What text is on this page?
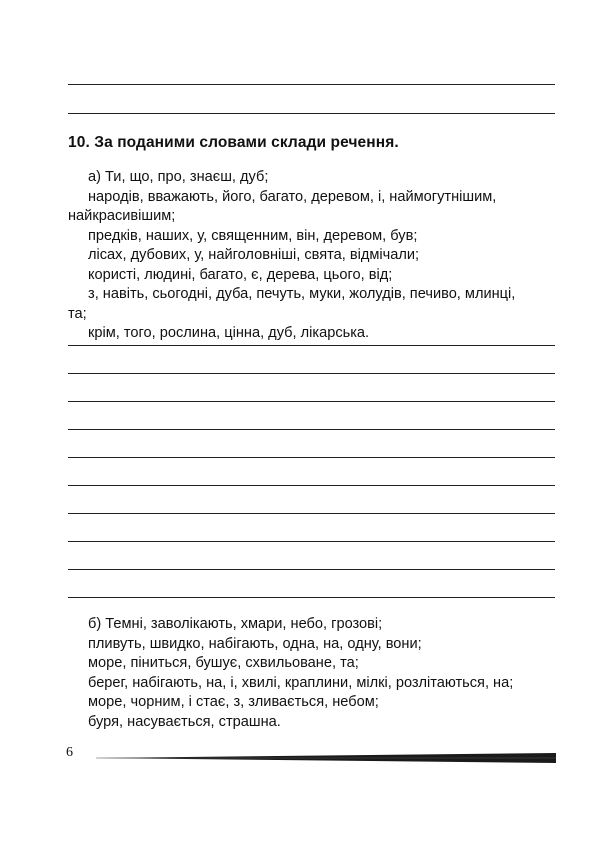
10. За поданими словами склади речення.
а) Ти, що, про, знаєш, дуб;
народів, вважають, його, багато, деревом, і, наймогутнішим,
найкрасивішим;
предків, наших, у, священним, він, деревом, був;
лісах, дубових, у, найголовніші, свята, відмічали;
користі, людині, багато, є, дерева, цього, від;
з, навіть, сьогодні, дуба, печуть, муки, жолудів, печиво, млинці,
та;
крім, того, рослина, цінна, дуб, лікарська.
б) Темні, заволікають, хмари, небо, грозові;
пливуть, швидко, набігають, одна, на, одну, вони;
море, піниться, бушує, схвильоване, та;
берег, набігають, на, і, хвилі, краплини, мілкі, розлітаються, на;
море, чорним, і стає, з, зливається, небом;
буря, насувається, страшна.
6
